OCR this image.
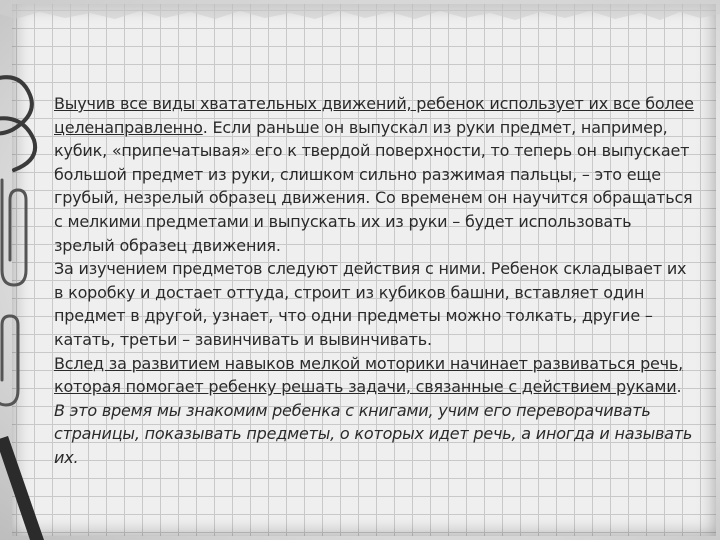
Выучив все виды хватательных движений, ребенок использует их все более целенаправленно. Если раньше он выпускал из руки предмет, например, кубик, «припечатывая» его к твердой поверхности, то теперь он выпускает большой предмет из руки, слишком сильно разжимая пальцы, – это еще грубый, незрелый образец движения. Со временем он научится обращаться с мелкими предметами и выпускать их из руки – будет использовать зрелый образец движения.

За изучением предметов следуют действия с ними. Ребенок складывает их в коробку и достает оттуда, строит из кубиков башни, вставляет один предмет в другой, узнает, что одни предметы можно толкать, другие – катать, третьи – завинчивать и вывинчивать.

Вслед за развитием навыков мелкой моторики начинает развиваться речь, которая помогает ребенку решать задачи, связанные с действием руками. В это время мы знакомим ребенка с книгами, учим его переворачивать страницы, показывать предметы, о которых идет речь, а иногда и называть их.
